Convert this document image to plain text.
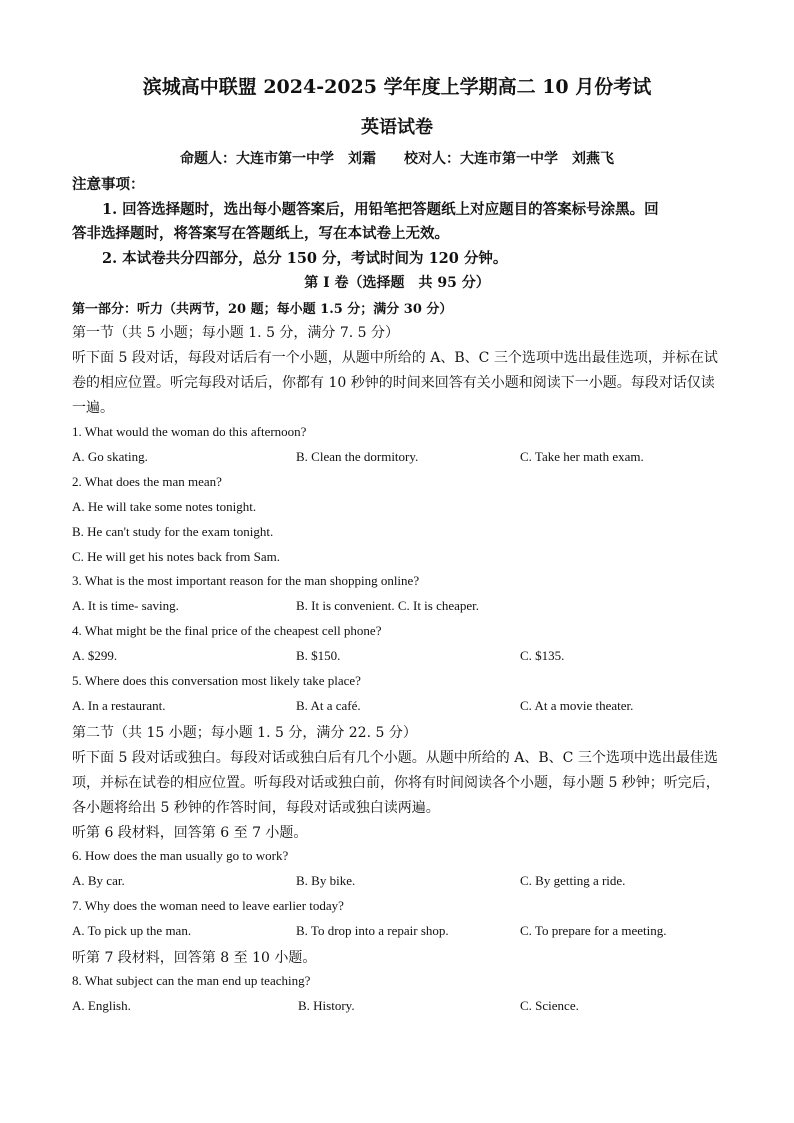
滨城高中联盟 2024-2025 学年度上学期高二 10 月份考试
英语试卷
命题人：大连市第一中学　刘霜　　校对人：大连市第一中学　刘燕飞
注意事项：
1. 回答选择题时，选出每小题答案后，用铅笔把答题纸上对应题目的答案标号涂黑。回
答非选择题时，将答案写在答题纸上，写在本试卷上无效。
2. 本试卷共分四部分，总分 150 分，考试时间为 120 分钟。
第 I 卷（选择题　共 95 分）
第一部分：听力（共两节，20 题；每小题 1.5 分；满分 30 分）
第一节（共 5 小题；每小题 1. 5 分，满分 7. 5 分）
听下面 5 段对话，每段对话后有一个小题，从题中所给的 A、B、C 三个选项中选出最佳选项，并标在试
卷的相应位置。听完每段对话后，你都有 10 秒钟的时间来回答有关小题和阅读下一小题。每段对话仅读
一遍。
1. What would the woman do this afternoon?
A. Go skating.	B. Clean the dormitory.	C. Take her math exam.
2. What does the man mean?
A. He will take some notes tonight.
B. He can't study for the exam tonight.
C. He will get his notes back from Sam.
3. What is the most important reason for the man shopping online?
A. It is time- saving.	B. It is convenient. C. It is cheaper.
4. What might be the final price of the cheapest cell phone?
A. $299.	B. $150.	C. $135.
5. Where does this conversation most likely take place?
A. In a restaurant.	B. At a café.	C. At a movie theater.
第二节（共 15 小题；每小题 1. 5 分，满分 22. 5 分）
听下面 5 段对话或独白。每段对话或独白后有几个小题。从题中所给的 A、B、C 三个选项中选出最佳选
项，并标在试卷的相应位置。听每段对话或独白前，你将有时间阅读各个小题，每小题 5 秒钟；听完后，
各小题将给出 5 秒钟的作答时间，每段对话或独白读两遍。
听第 6 段材料，回答第 6 至 7 小题。
6. How does the man usually go to work?
A. By car.	B. By bike.	C. By getting a ride.
7. Why does the woman need to leave earlier today?
A. To pick up the man.	B. To drop into a repair shop.	C. To prepare for a meeting.
听第 7 段材料，回答第 8 至 10 小题。
8. What subject can the man end up teaching?
A. English.	B. History.	C. Science.
